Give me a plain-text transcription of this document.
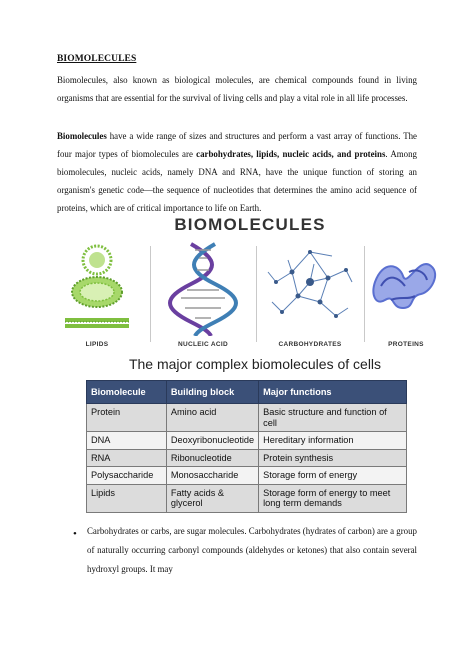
BIOMOLECULES
Biomolecules, also known as biological molecules, are chemical compounds found in living organisms that are essential for the survival of living cells and play a vital role in all life processes.
Biomolecules have a wide range of sizes and structures and perform a vast array of functions. The four major types of biomolecules are carbohydrates, lipids, nucleic acids, and proteins. Among biomolecules, nucleic acids, namely DNA and RNA, have the unique function of storing an organism's genetic code—the sequence of nucleotides that determines the amino acid sequence of proteins, which are of critical importance to life on Earth.
BIOMOLECULES
LIPIDS	NUCLEIC ACID	CARBOHYDRATES	PROTEINS
The major complex biomolecules of cells
Biomolecule	Building block	Major functions
Protein	Amino acid	Basic structure and function of cell
DNA	Deoxyribonucleotide	Hereditary information
RNA	Ribonucleotide	Protein synthesis
Polysaccharide	Monosaccharide	Storage form of energy
Lipids	Fatty acids & glycerol	Storage form of energy to meet long term demands
• Carbohydrates or carbs, are sugar molecules. Carbohydrates (hydrates of carbon) are a group of naturally occurring carbonyl compounds (aldehydes or ketones) that also contain several hydroxyl groups. It may
